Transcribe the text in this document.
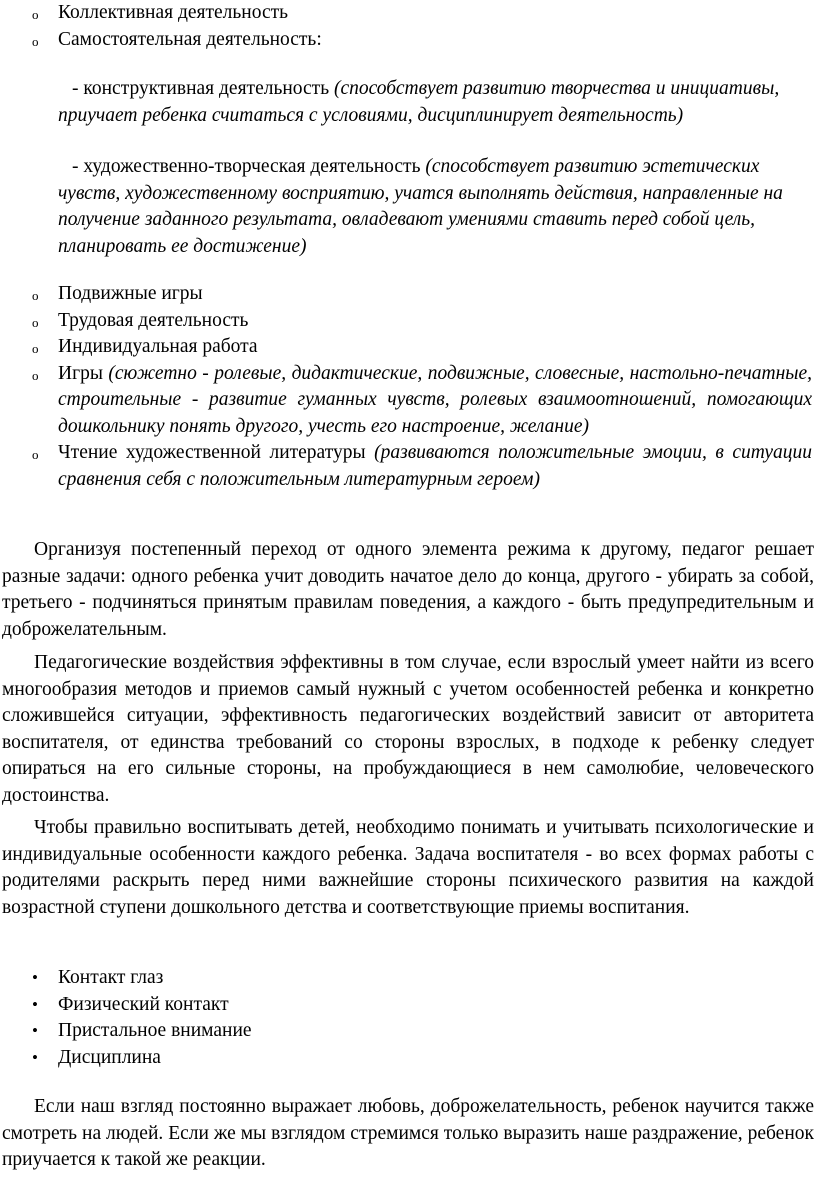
o Коллективная деятельность
o Самостоятельная деятельность:
- конструктивная деятельность (способствует развитию творчества и инициативы, приучает ребенка считаться с условиями, дисциплинирует деятельность)
- художественно-творческая деятельность (способствует развитию эстетических чувств, художественному восприятию, учатся выполнять действия, направленные на получение заданного результата, овладевают умениями ставить перед собой цель, планировать ее достижение)
o Подвижные игры
o Трудовая деятельность
o Индивидуальная работа
o Игры (сюжетно - ролевые, дидактические, подвижные, словесные, настольно-печатные, строительные - развитие гуманных чувств, ролевых взаимоотношений, помогающих дошкольнику понять другого, учесть его настроение, желание)
o Чтение художественной литературы (развиваются положительные эмоции, в ситуации сравнения себя с положительным литературным героем)

Организуя постепенный переход от одного элемента режима к другому, педагог решает разные задачи: одного ребенка учит доводить начатое дело до конца, другого - убирать за собой, третьего - подчиняться принятым правилам поведения, а каждого - быть предупредительным и доброжелательным.

Педагогические воздействия эффективны в том случае, если взрослый умеет найти из всего многообразия методов и приемов самый нужный с учетом особенностей ребенка и конкретно сложившейся ситуации, эффективность педагогических воздействий зависит от авторитета воспитателя, от единства требований со стороны взрослых, в подходе к ребенку следует опираться на его сильные стороны, на пробуждающиеся в нем самолюбие, человеческого достоинства.

Чтобы правильно воспитывать детей, необходимо понимать и учитывать психологические и индивидуальные особенности каждого ребенка. Задача воспитателя - во всех формах работы с родителями раскрыть перед ними важнейшие стороны психического развития на каждой возрастной ступени дошкольного детства и соответствующие приемы воспитания.

• Контакт глаз
• Физический контакт
• Пристальное внимание
• Дисциплина

Если наш взгляд постоянно выражает любовь, доброжелательность, ребенок научится также смотреть на людей. Если же мы взглядом стремимся только выразить наше раздражение, ребенок приучается к такой же реакции.
